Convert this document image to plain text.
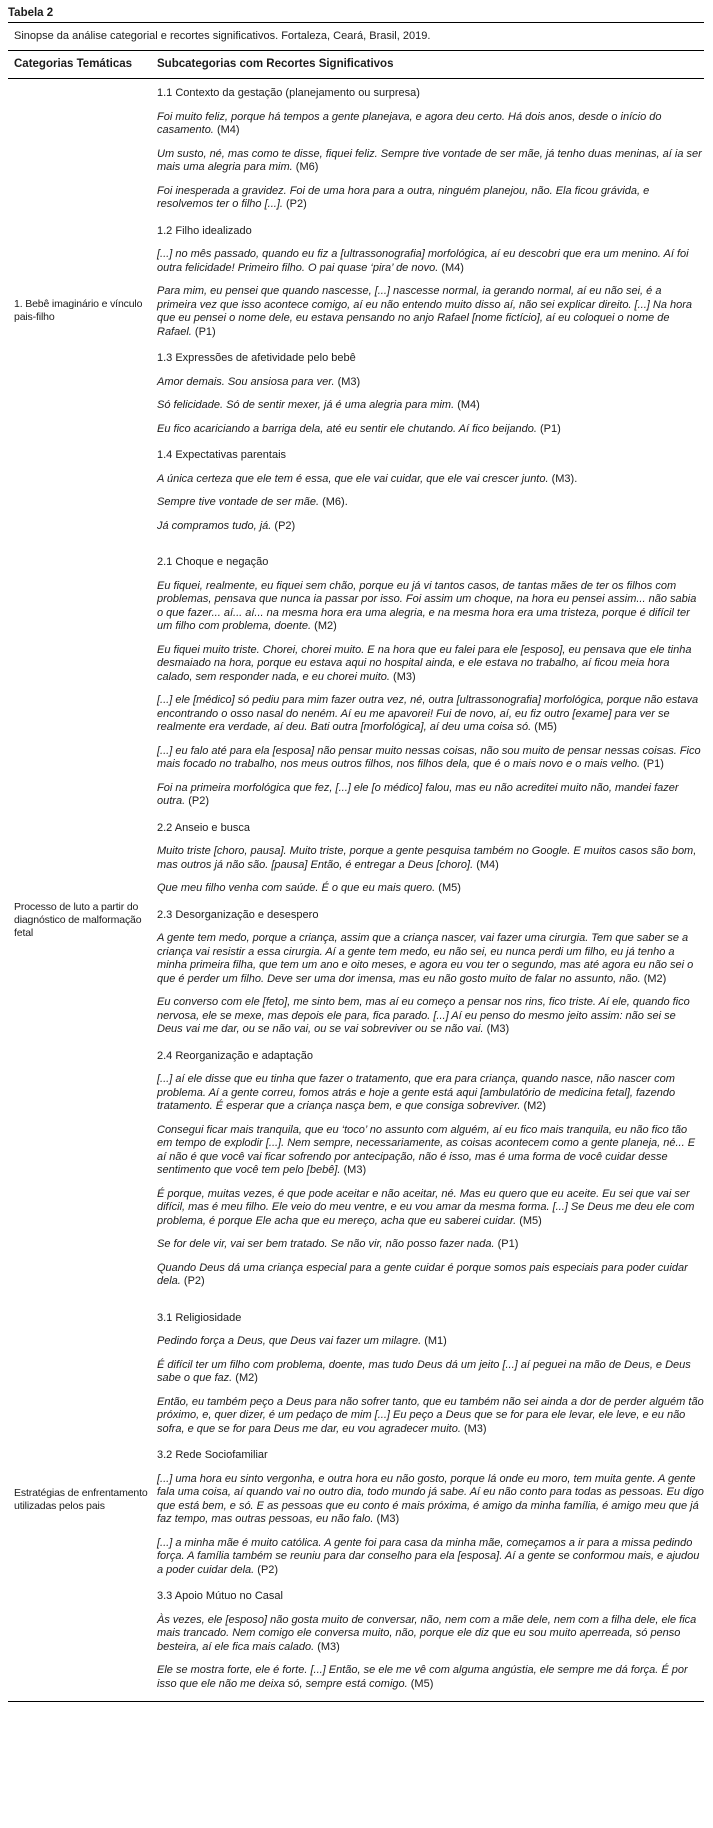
Tabela 2
Sinopse da análise categorial e recortes significativos. Fortaleza, Ceará, Brasil, 2019.
Categorias Temáticas	Subcategorias com Recortes Significativos
1. Bebê imaginário e vínculo pais-filho
1.1 Contexto da gestação (planejamento ou surpresa)
Foi muito feliz, porque há tempos a gente planejava, e agora deu certo. Há dois anos, desde o início do casamento. (M4)
Um susto, né, mas como te disse, fiquei feliz. Sempre tive vontade de ser mãe, já tenho duas meninas, aí ia ser mais uma alegria para mim. (M6)
Foi inesperada a gravidez. Foi de uma hora para a outra, ninguém planejou, não. Ela ficou grávida, e resolvemos ter o filho [...]. (P2)
1.2 Filho idealizado
[...] no mês passado, quando eu fiz a [ultrassonografia] morfológica, aí eu descobri que era um menino. Aí foi outra felicidade! Primeiro filho. O pai quase ‘pira’ de novo. (M4)
Para mim, eu pensei que quando nascesse, [...] nascesse normal, ia gerando normal, aí eu não sei, é a primeira vez que isso acontece comigo, aí eu não entendo muito disso aí, não sei explicar direito. [...] Na hora que eu pensei o nome dele, eu estava pensando no anjo Rafael [nome fictício], aí eu coloquei o nome de Rafael. (P1)
1.3 Expressões de afetividade pelo bebê
Amor demais. Sou ansiosa para ver. (M3)
Só felicidade. Só de sentir mexer, já é uma alegria para mim. (M4)
Eu fico acariciando a barriga dela, até eu sentir ele chutando. Aí fico beijando. (P1)
1.4 Expectativas parentais
A única certeza que ele tem é essa, que ele vai cuidar, que ele vai crescer junto. (M3).
Sempre tive vontade de ser mãe. (M6).
Já compramos tudo, já. (P2)
Processo de luto a partir do diagnóstico de malformação fetal
2.1 Choque e negação
Eu fiquei, realmente, eu fiquei sem chão, porque eu já vi tantos casos, de tantas mães de ter os filhos com problemas, pensava que nunca ia passar por isso. Foi assim um choque, na hora eu pensei assim... não sabia o que fazer... aí... aí... na mesma hora era uma alegria, e na mesma hora era uma tristeza, porque é difícil ter um filho com problema, doente. (M2)
Eu fiquei muito triste. Chorei, chorei muito. E na hora que eu falei para ele [esposo], eu pensava que ele tinha desmaiado na hora, porque eu estava aqui no hospital ainda, e ele estava no trabalho, aí ficou meia hora calado, sem responder nada, e eu chorei muito. (M3)
[...] ele [médico] só pediu para mim fazer outra vez, né, outra [ultrassonografia] morfológica, porque não estava encontrando o osso nasal do neném. Aí eu me apavorei! Fui de novo, aí, eu fiz outro [exame] para ver se realmente era verdade, aí deu. Bati outra [morfológica], aí deu uma coisa só. (M5)
[...] eu falo até para ela [esposa] não pensar muito nessas coisas, não sou muito de pensar nessas coisas. Fico mais focado no trabalho, nos meus outros filhos, nos filhos dela, que é o mais novo e o mais velho. (P1)
Foi na primeira morfológica que fez, [...] ele [o médico] falou, mas eu não acreditei muito não, mandei fazer outra. (P2)
2.2 Anseio e busca
Muito triste [choro, pausa]. Muito triste, porque a gente pesquisa também no Google. E muitos casos são bom, mas outros já não são. [pausa] Então, é entregar a Deus [choro]. (M4)
Que meu filho venha com saúde. É o que eu mais quero. (M5)
2.3 Desorganização e desespero
A gente tem medo, porque a criança, assim que a criança nascer, vai fazer uma cirurgia. Tem que saber se a criança vai resistir a essa cirurgia. Aí a gente tem medo, eu não sei, eu nunca perdi um filho, eu já tenho a minha primeira filha, que tem um ano e oito meses, e agora eu vou ter o segundo, mas até agora eu não sei o que é perder um filho. Deve ser uma dor imensa, mas eu não gosto muito de falar no assunto, não. (M2)
Eu converso com ele [feto], me sinto bem, mas aí eu começo a pensar nos rins, fico triste. Aí ele, quando fico nervosa, ele se mexe, mas depois ele para, fica parado. [...] Aí eu penso do mesmo jeito assim: não sei se Deus vai me dar, ou se não vai, ou se vai sobreviver ou se não vai. (M3)
2.4 Reorganização e adaptação
[...] aí ele disse que eu tinha que fazer o tratamento, que era para criança, quando nasce, não nascer com problema. Aí a gente correu, fomos atrás e hoje a gente está aqui [ambulatório de medicina fetal], fazendo tratamento. É esperar que a criança nasça bem, e que consiga sobreviver. (M2)
Consegui ficar mais tranquila, que eu ‘toco’ no assunto com alguém, aí eu fico mais tranquila, eu não fico tão em tempo de explodir [...]. Nem sempre, necessariamente, as coisas acontecem como a gente planeja, né... E aí não é que você vai ficar sofrendo por antecipação, não é isso, mas é uma forma de você cuidar desse sentimento que você tem pelo [bebê]. (M3)
É porque, muitas vezes, é que pode aceitar e não aceitar, né. Mas eu quero que eu aceite. Eu sei que vai ser difícil, mas é meu filho. Ele veio do meu ventre, e eu vou amar da mesma forma. [...] Se Deus me deu ele com problema, é porque Ele acha que eu mereço, acha que eu saberei cuidar. (M5)
Se for dele vir, vai ser bem tratado. Se não vir, não posso fazer nada. (P1)
Quando Deus dá uma criança especial para a gente cuidar é porque somos pais especiais para poder cuidar dela. (P2)
Estratégias de enfrentamento utilizadas pelos pais
3.1 Religiosidade
Pedindo força a Deus, que Deus vai fazer um milagre. (M1)
É difícil ter um filho com problema, doente, mas tudo Deus dá um jeito [...] aí peguei na mão de Deus, e Deus sabe o que faz. (M2)
Então, eu também peço a Deus para não sofrer tanto, que eu também não sei ainda a dor de perder alguém tão próximo, e, quer dizer, é um pedaço de mim [...] Eu peço a Deus que se for para ele levar, ele leve, e eu não sofra, e que se for para Deus me dar, eu vou agradecer muito. (M3)
3.2 Rede Sociofamiliar
[...] uma hora eu sinto vergonha, e outra hora eu não gosto, porque lá onde eu moro, tem muita gente. A gente fala uma coisa, aí quando vai no outro dia, todo mundo já sabe. Aí eu não conto para todas as pessoas. Eu digo que está bem, e só. E as pessoas que eu conto é mais próxima, é amigo da minha família, é amigo meu que já faz tempo, mas outras pessoas, eu não falo. (M3)
[...] a minha mãe é muito católica. A gente foi para casa da minha mãe, começamos a ir para a missa pedindo força. A família também se reuniu para dar conselho para ela [esposa]. Aí a gente se conformou mais, e ajudou a poder cuidar dela. (P2)
3.3 Apoio Mútuo no Casal
Às vezes, ele [esposo] não gosta muito de conversar, não, nem com a mãe dele, nem com a filha dele, ele fica mais trancado. Nem comigo ele conversa muito, não, porque ele diz que eu sou muito aperreada, só penso besteira, aí ele fica mais calado. (M3)
Ele se mostra forte, ele é forte. [...] Então, se ele me vê com alguma angústia, ele sempre me dá força. É por isso que ele não me deixa só, sempre está comigo. (M5)
